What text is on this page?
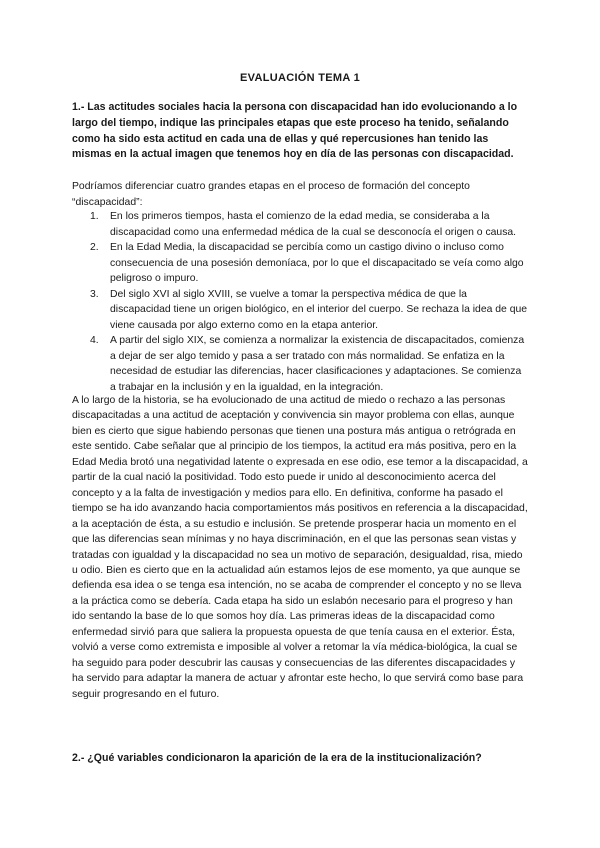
EVALUACIÓN TEMA 1
1.- Las actitudes sociales hacia la persona con discapacidad han ido evolucionando a lo largo del tiempo, indique las principales etapas que este proceso ha tenido, señalando como ha sido esta actitud en cada una de ellas y qué repercusiones han tenido las mismas en la actual imagen que tenemos hoy en día de las personas con discapacidad.
Podríamos diferenciar cuatro grandes etapas en el proceso de formación del concepto “discapacidad”:
1. En los primeros tiempos, hasta el comienzo de la edad media, se consideraba a la discapacidad como una enfermedad médica de la cual se desconocía el origen o causa.
2. En la Edad Media, la discapacidad se percibía como un castigo divino o incluso como consecuencia de una posesión demoníaca, por lo que el discapacitado se veía como algo peligroso o impuro.
3. Del siglo XVI al siglo XVIII, se vuelve a tomar la perspectiva médica de que la discapacidad tiene un origen biológico, en el interior del cuerpo. Se rechaza la idea de que viene causada por algo externo como en la etapa anterior.
4. A partir del siglo XIX, se comienza a normalizar la existencia de discapacitados, comienza a dejar de ser algo temido y pasa a ser tratado con más normalidad. Se enfatiza en la necesidad de estudiar las diferencias, hacer clasificaciones y adaptaciones. Se comienza a trabajar en la inclusión y en la igualdad, en la integración.
A lo largo de la historia, se ha evolucionado de una actitud de miedo o rechazo a las personas discapacitadas a una actitud de aceptación y convivencia sin mayor problema con ellas, aunque bien es cierto que sigue habiendo personas que tienen una postura más antigua o retrógrada en este sentido. Cabe señalar que al principio de los tiempos, la actitud era más positiva, pero en la Edad Media brotó una negatividad latente o expresada en ese odio, ese temor a la discapacidad, a partir de la cual nació la positividad. Todo esto puede ir unido al desconocimiento acerca del concepto y a la falta de investigación y medios para ello. En definitiva, conforme ha pasado el tiempo se ha ido avanzando hacia comportamientos más positivos en referencia a la discapacidad, a la aceptación de ésta, a su estudio e inclusión. Se pretende prosperar hacia un momento en el que las diferencias sean mínimas y no haya discriminación, en el que las personas sean vistas y tratadas con igualdad y la discapacidad no sea un motivo de separación, desigualdad, risa, miedo u odio. Bien es cierto que en la actualidad aún estamos lejos de ese momento, ya que aunque se defienda esa idea o se tenga esa intención, no se acaba de comprender el concepto y no se lleva a la práctica como se debería. Cada etapa ha sido un eslabón necesario para el progreso y han ido sentando la base de lo que somos hoy día. Las primeras ideas de la discapacidad como enfermedad sirvió para que saliera la propuesta opuesta de que tenía causa en el exterior. Ésta, volvió a verse como extremista e imposible al volver a retomar la vía médica-biológica, la cual se ha seguido para poder descubrir las causas y consecuencias de las diferentes discapacidades y ha servido para adaptar la manera de actuar y afrontar este hecho, lo que servirá como base para seguir progresando en el futuro.
2.- ¿Qué variables condicionaron la aparición de la era de la institucionalización?
